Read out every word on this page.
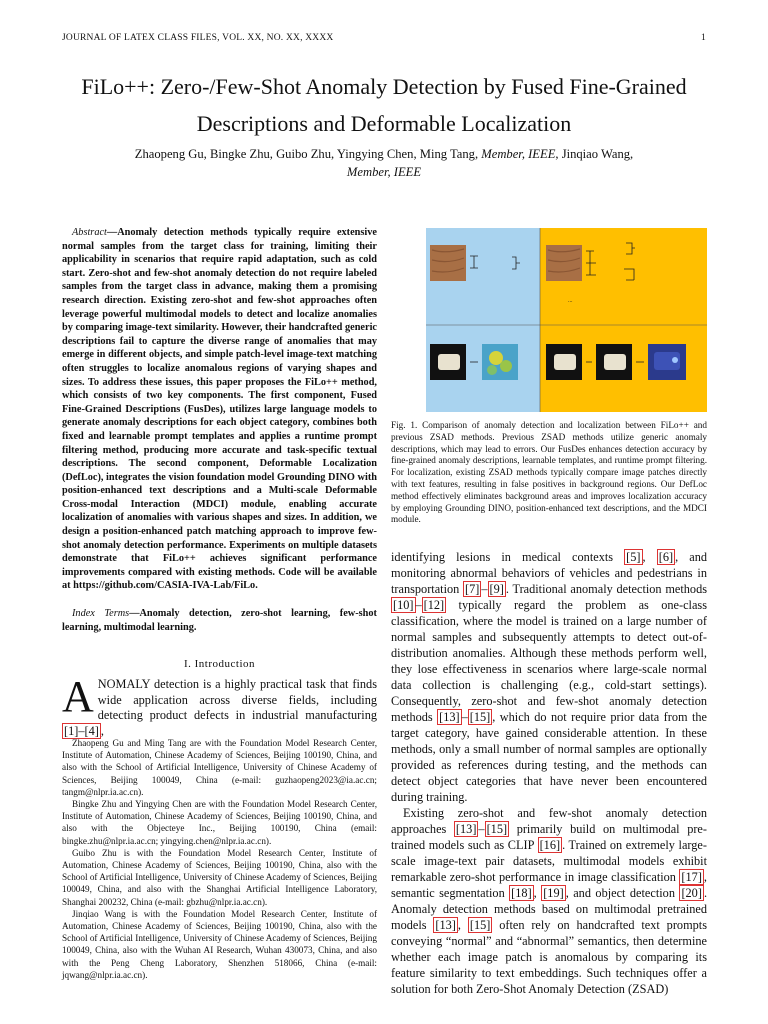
JOURNAL OF LATEX CLASS FILES, VOL. XX, NO. XX, XXXX	1
FiLo++: Zero-/Few-Shot Anomaly Detection by Fused Fine-Grained
Descriptions and Deformable Localization
Zhaopeng Gu, Bingke Zhu, Guibo Zhu, Yingying Chen, Ming Tang, Member, IEEE, Jinqiao Wang,
Member, IEEE
Abstract—Anomaly detection methods typically require extensive normal samples from the target class for training, limiting their applicability in scenarios that require rapid adaptation, such as cold start. Zero-shot and few-shot anomaly detection do not require labeled samples from the target class in advance, making them a promising research direction. Existing zero-shot and few-shot approaches often leverage powerful multimodal models to detect and localize anomalies by comparing image-text similarity. However, their handcrafted generic descriptions fail to capture the diverse range of anomalies that may emerge in different objects, and simple patch-level image-text matching often struggles to localize anomalous regions of varying shapes and sizes. To address these issues, this paper proposes the FiLo++ method, which consists of two key components. The first component, Fused Fine-Grained Descriptions (FusDes), utilizes large language models to generate anomaly descriptions for each object category, combines both fixed and learnable prompt templates and applies a runtime prompt filtering method, producing more accurate and task-specific textual descriptions. The second component, Deformable Localization (DefLoc), integrates the vision foundation model Grounding DINO with position-enhanced text descriptions and a Multi-scale Deformable Cross-modal Interaction (MDCI) module, enabling accurate localization of anomalies with various shapes and sizes. In addition, we design a position-enhanced patch matching approach to improve few-shot anomaly detection performance. Experiments on multiple datasets demonstrate that FiLo++ achieves significant performance improvements compared with existing methods. Code will be available at https://github.com/CASIA-IVA-Lab/FiLo.
Index Terms—Anomaly detection, zero-shot learning, few-shot learning, multimodal learning.
I. Introduction
ANOMALY detection is a highly practical task that finds wide application across diverse fields, including detecting product defects in industrial manufacturing [1]–[4] ,

Zhaopeng Gu and Ming Tang are with the Foundation Model Research Center, Institute of Automation, Chinese Academy of Sciences, Beijing 100190, China, and also with the School of Artificial Intelligence, University of Chinese Academy of Sciences, Beijing 100049, China (e-mail: guzhaopeng2023@ia.ac.cn; tangm@nlpr.ia.ac.cn).

Bingke Zhu and Yingying Chen are with the Foundation Model Research Center, Institute of Automation, Chinese Academy of Sciences, Beijing 100190, China, and also with the Objecteye Inc., Beijing 100190, China (email: bingke.zhu@nlpr.ia.ac.cn; yingying.chen@nlpr.ia.ac.cn).

Guibo Zhu is with the Foundation Model Research Center, Institute of Automation, Chinese Academy of Sciences, Beijing 100190, China, also with the School of Artificial Intelligence, University of Chinese Academy of Sciences, Beijing 100049, China, and also with the Shanghai Artificial Intelligence Laboratory, Shanghai 200232, China (e-mail: gbzhu@nlpr.ia.ac.cn).

Jinqiao Wang is with the Foundation Model Research Center, Institute of Automation, Chinese Academy of Sciences, Beijing 100190, China, also with the School of Artificial Intelligence, University of Chinese Academy of Sciences, Beijing 100049, China, also with the Wuhan AI Research, Wuhan 430073, China, and also with the Peng Cheng Laboratory, Shenzhen 518066, China (e-mail: jqwang@nlpr.ia.ac.cn).

...
Fig. 1. Comparison of anomaly detection and localization between FiLo++ and previous ZSAD methods. Previous ZSAD methods utilize generic anomaly descriptions, which may lead to errors. Our FusDes enhances detection accuracy by fine-grained anomaly descriptions, learnable templates, and runtime prompt filtering. For localization, existing ZSAD methods typically compare image patches directly with text features, resulting in false positives in background regions. Our DefLoc method effectively eliminates background areas and improves localization accuracy by employing Grounding DINO, position-enhanced text descriptions, and the MDCI module.

identifying lesions in medical contexts [5] , [6] , and monitoring abnormal behaviors of vehicles and pedestrians in transportation [7] – [9] . Traditional anomaly detection methods [10] – [12] typically regard the problem as one-class classification, where the model is trained on a large number of normal samples and subsequently attempts to detect out-of-distribution anomalies. Although these methods perform well, they lose effectiveness in scenarios where large-scale normal data collection is challenging (e.g., cold-start settings). Consequently, zero-shot and few-shot anomaly detection methods [13] – [15] , which do not require prior data from the target category, have gained considerable attention. In these methods, only a small number of normal samples are optionally provided as references during testing, and the methods can detect object categories that have never been encountered during training.

Existing zero-shot and few-shot anomaly detection approaches [13] – [15] primarily build on multimodal pre-trained models such as CLIP [16] . Trained on extremely large-scale image-text pair datasets, multimodal models exhibit remarkable zero-shot performance in image classification [17] , semantic segmentation [18] , [19] , and object detection [20] . Anomaly detection methods based on multimodal pretrained models [13] , [15] often rely on handcrafted text prompts conveying “normal” and “abnormal” semantics, then determine whether each image patch is anomalous by comparing its feature similarity to text embeddings. Such techniques offer a solution for both Zero-Shot Anomaly Detection (ZSAD)
